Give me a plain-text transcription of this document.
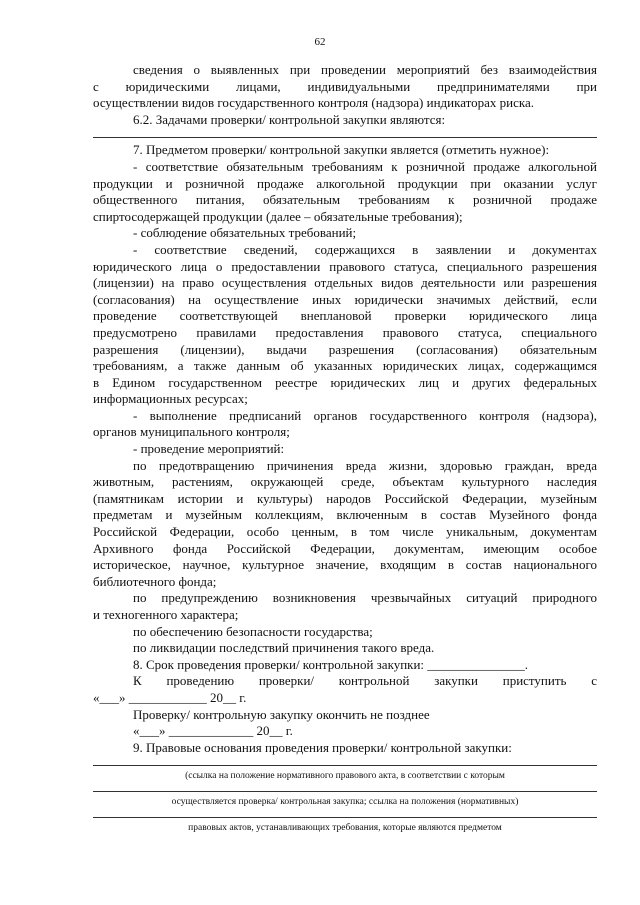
62
сведения о выявленных при проведении мероприятий без взаимодействия
с юридическими лицами, индивидуальными предпринимателями при
осуществлении видов государственного контроля (надзора) индикаторах риска.
6.2. Задачами проверки/ контрольной закупки являются:
7. Предметом проверки/ контрольной закупки является (отметить нужное):
- соответствие обязательным требованиям к розничной продаже алкогольной
продукции и розничной продаже алкогольной продукции при оказании услуг
общественного питания, обязательным требованиям к розничной продаже
спиртосодержащей продукции (далее – обязательные требования);
- соблюдение обязательных требований;
- соответствие сведений, содержащихся в заявлении и документах
юридического лица о предоставлении правового статуса, специального разрешения
(лицензии) на право осуществления отдельных видов деятельности или разрешения
(согласования) на осуществление иных юридически значимых действий, если
проведение соответствующей внеплановой проверки юридического лица
предусмотрено правилами предоставления правового статуса, специального
разрешения (лицензии), выдачи разрешения (согласования) обязательным
требованиям, а также данным об указанных юридических лицах, содержащимся
в Едином государственном реестре юридических лиц и других федеральных
информационных ресурсах;
- выполнение предписаний органов государственного контроля (надзора),
органов муниципального контроля;
- проведение мероприятий:
по предотвращению причинения вреда жизни, здоровью граждан, вреда
животным, растениям, окружающей среде, объектам культурного наследия
(памятникам истории и культуры) народов Российской Федерации, музейным
предметам и музейным коллекциям, включенным в состав Музейного фонда
Российской Федерации, особо ценным, в том числе уникальным, документам
Архивного фонда Российской Федерации, документам, имеющим особое
историческое, научное, культурное значение, входящим в состав национального
библиотечного фонда;
по предупреждению возникновения чрезвычайных ситуаций природного
и техногенного характера;
по обеспечению безопасности государства;
по ликвидации последствий причинения такого вреда.
8. Срок проведения проверки/ контрольной закупки: _______________.
К проведению проверки/ контрольной закупки приступить с
«___» ____________ 20__ г.
Проверку/ контрольную закупку окончить не позднее
«___» _____________ 20__ г.
9. Правовые основания проведения проверки/ контрольной закупки:
(ссылка на положение нормативного правового акта, в соответствии с которым
осуществляется проверка/ контрольная закупка; ссылка на положения (нормативных)
правовых актов, устанавливающих требования, которые являются предметом
